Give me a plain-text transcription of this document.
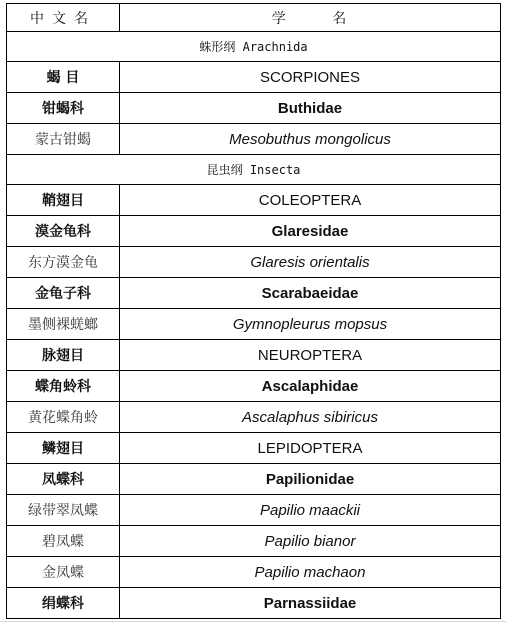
中文名	学 名
蛛形纲 Arachnida	
蝎 目	SCORPIONES
钳蝎科	Buthidae
蒙古钳蝎	Mesobuthus mongolicus
昆虫纲 Insecta	
鞘翅目	COLEOPTERA
漠金龟科	Glaresidae
东方漠金龟	Glaresis orientalis
金龟子科	Scarabaeidae
墨侧裸蜣螂	Gymnopleurus mopsus
脉翅目	NEUROPTERA
蝶角蛉科	Ascalaphidae
黄花蝶角蛉	Ascalaphus sibiricus
鳞翅目	LEPIDOPTERA
凤蝶科	Papilionidae
绿带翠凤蝶	Papilio maackii
碧凤蝶	Papilio bianor
金凤蝶	Papilio machaon
绢蝶科	Parnassiidae
